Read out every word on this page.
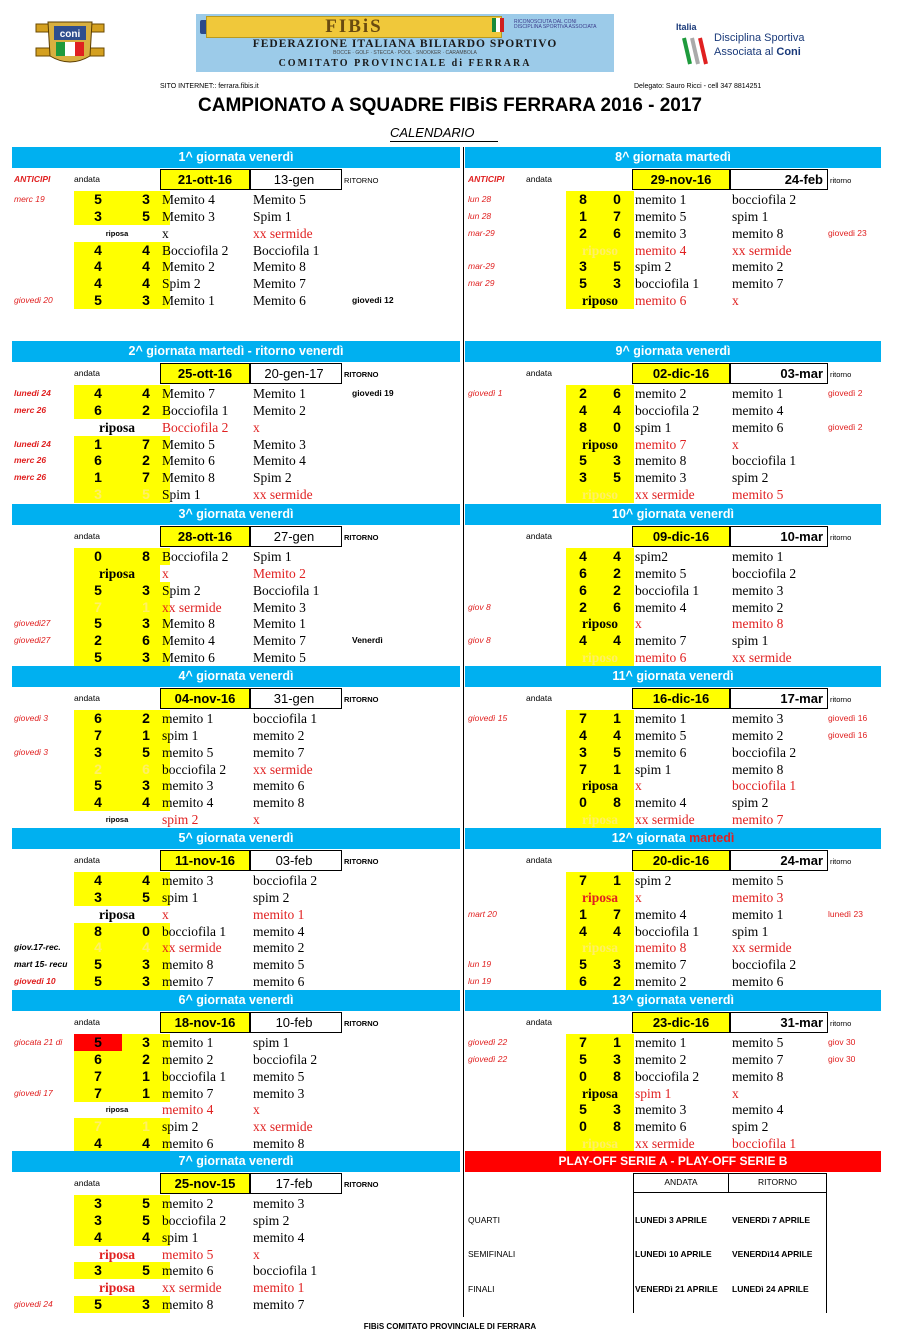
coni	FIBiS	RICONOSCIUTA DAL CONI DISCIPLINA SPORTIVA ASSOCIATA
FEDERAZIONE ITALIANA BILIARDO SPORTIVO
BOCCE · GOLF · STECCA · POOL · SNOOKER · CARAMBOLA
COMITATO PROVINCIALE di FERRARA
Italia
Disciplina Sportiva
Associata al Coni
SITO INTERNET:: ferrara.fibis.it	Delegato: Sauro Ricci - cell 347 8814251
CAMPIONATO A SQUADRE FIBiS FERRARA 2016 - 2017
CALENDARIO
1^ giornata venerdì
ANTICIPI	andata	21-ott-16	13-gen	RITORNO
merc 19	5	3 Memito 4	Memito 5
3	5 Memito 3	Spim 1
riposa	x	xx sermide
4	4 Bocciofila 2	Bocciofila 1
4	4 Memito 2	Memito 8
4	4 Spim 2	Memito 7
giovedi 20	5	3 Memito 1	Memito 6	giovedi 12
2^ giornata martedì - ritorno venerdì
andata	25-ott-16	20-gen-17	RITORNO
lunedi 24	4	4 Memito 7	Memito 1	giovedi 19
merc 26	6	2 Bocciofila 1	Memito 2
riposa	Bocciofila 2	x
lunedi 24	1	7 Memito 5	Memito 3
merc 26	6	2 Memito 6	Memito 4
merc 26	1	7 Memito 8	Spim 2
3	5 Spim 1	xx sermide
3^ giornata venerdì
andata	28-ott-16	27-gen	RITORNO
0	8 Bocciofila 2	Spim 1
riposa	x	Memito 2
5	3 Spim 2	Bocciofila 1
7	1 xx sermide	Memito 3
giovedi27	5	3 Memito 8	Memito 1
giovedi27	2	6 Memito 4	Memito 7	Venerdì
5	3 Memito 6	Memito 5
4^ giornata venerdì
andata	04-nov-16	31-gen	RITORNO
giovedi 3	6	2 memito 1	bocciofila 1
7	1 spim 1	memito 2
giovedi 3	3	5 memito 5	memito 7
2	6 bocciofila 2	xx sermide
5	3 memito 3	memito 6
4	4 memito 4	memito 8
riposa	spim 2	x
5^ giornata venerdì
andata	11-nov-16	03-feb	RITORNO
4	4 memito 3	bocciofila 2
3	5 spim 1	spim 2
riposa	x	memito 1
8	0 bocciofila 1	memito 4
giov.17-rec.	4	4 xx sermide	memito 2
mart 15- recu	5	3 memito 8	memito 5
giovedi 10	5	3 memito 7	memito 6
6^ giornata venerdì
andata	18-nov-16	10-feb	RITORNO
giocata 21 di	5	3 memito 1	spim 1
6	2 memito 2	bocciofila 2
7	1 bocciofila 1	memito 5
giovedi 17	7	1 memito 7	memito 3
riposa	memito 4	x
7	1 spim 2	xx sermide
4	4 memito 6	memito 8
7^ giornata venerdì
andata	25-nov-15	17-feb	RITORNO
3	5 memito 2	memito 3
3	5 bocciofila 2	spim 2
4	4 spim 1	memito 4
riposa	memito 5	x
3	5 memito 6	bocciofila 1
riposa	xx sermide	memito 1
giovedi 24	5	3 memito 8	memito 7
8^ giornata martedì
ANTICIPI	andata	29-nov-16	24-feb ritorno
lun 28	8	0	memito 1	bocciofila 2
lun 28	1	7	memito 5	spim 1
mar-29	2	6	memito 3	memito 8	giovedi 23
riposo	memito 4	xx sermide
mar-29	3	5	spim 2	memito 2
mar 29	5	3	bocciofila 1	memito 7
riposo	memito 6	x
9^ giornata venerdì
andata	02-dic-16	03-mar ritorno
giovedì 1	2	6	memito 2	memito 1	giovedì 2
4	4	bocciofila 2	memito 4
8	0	spim 1	memito 6	giovedì 2
riposo	memito 7	x
5	3	memito 8	bocciofila 1
3	5	memito 3	spim 2
riposo	xx sermide	memito 5
10^ giornata venerdì
andata	09-dic-16	10-mar ritorno
4	4	spim2	memito 1
6	2	memito 5	bocciofila 2
6	2	bocciofila 1	memito 3
giov 8	2	6	memito 4	memito 2
riposo	x	memito 8
giov 8	4	4	memito 7	spim 1
riposo	memito 6	xx sermide
11^ giornata venerdì
andata	16-dic-16	17-mar ritorno
giovedì 15	7	1	memito 1	memito 3	giovedì 16
4	4	memito 5	memito 2	giovedì 16
3	5	memito 6	bocciofila 2
7	1	spim 1	memito 8
riposa	x	bocciofila 1
0	8	memito 4	spim 2
riposa	xx sermide	memito 7
12^ giornata martedì
andata	20-dic-16	24-mar ritorno
7	1	spim 2	memito 5
riposa	x	memito 3
mart 20	1	7	memito 4	memito 1	lunedì 23
4	4	bocciofila 1	spim 1
riposa	memito 8	xx sermide
lun 19	5	3	memito 7	bocciofila 2
lun 19	6	2	memito 2	memito 6
13^ giornata venerdì
andata	23-dic-16	31-mar ritorno
giovedì 22	7	1	memito 1	memito 5	giov 30
giovedì 22	5	3	memito 2	memito 7	giov 30
0	8	bocciofila 2	memito 8
riposa	spim 1	x
5	3	memito 3	memito 4
0	8	memito 6	spim 2
riposa	xx sermide	bocciofila 1
PLAY-OFF SERIE A - PLAY-OFF SERIE B
ANDATA	RITORNO
QUARTI	LUNEDì 3 APRILE	VENERDì 7 APRILE
SEMIFINALI	LUNEDì 10 APRILE	VENERDì14 APRILE
FINALI	VENERDì 21 APRILE	LUNEDì 24 APRILE
FIBiS COMITATO PROVINCIALE DI FERRARA
